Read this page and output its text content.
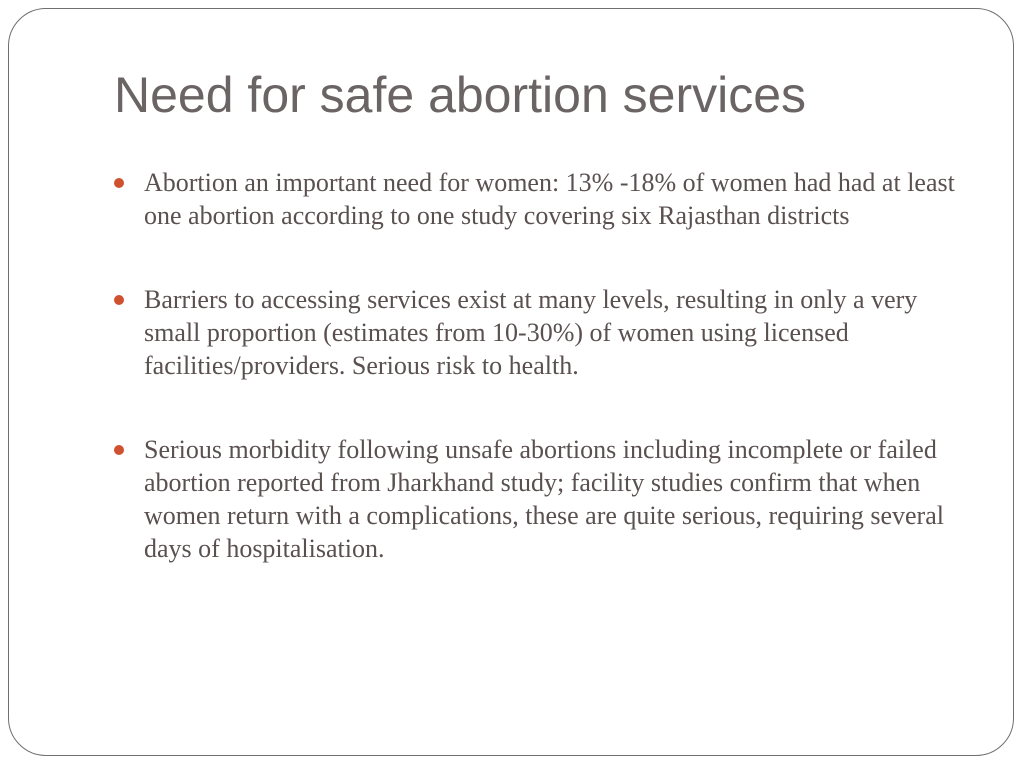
Need for safe abortion services
Abortion an important need for women: 13% -18% of women had had at least one abortion according to one study covering six Rajasthan districts
Barriers to accessing services exist at many levels, resulting in only a very small proportion (estimates from 10-30%) of women using licensed facilities/providers. Serious risk to health.
Serious morbidity following unsafe abortions including incomplete or failed abortion reported from Jharkhand study; facility studies confirm that when women return with a complications, these are quite serious, requiring several days of hospitalisation.
